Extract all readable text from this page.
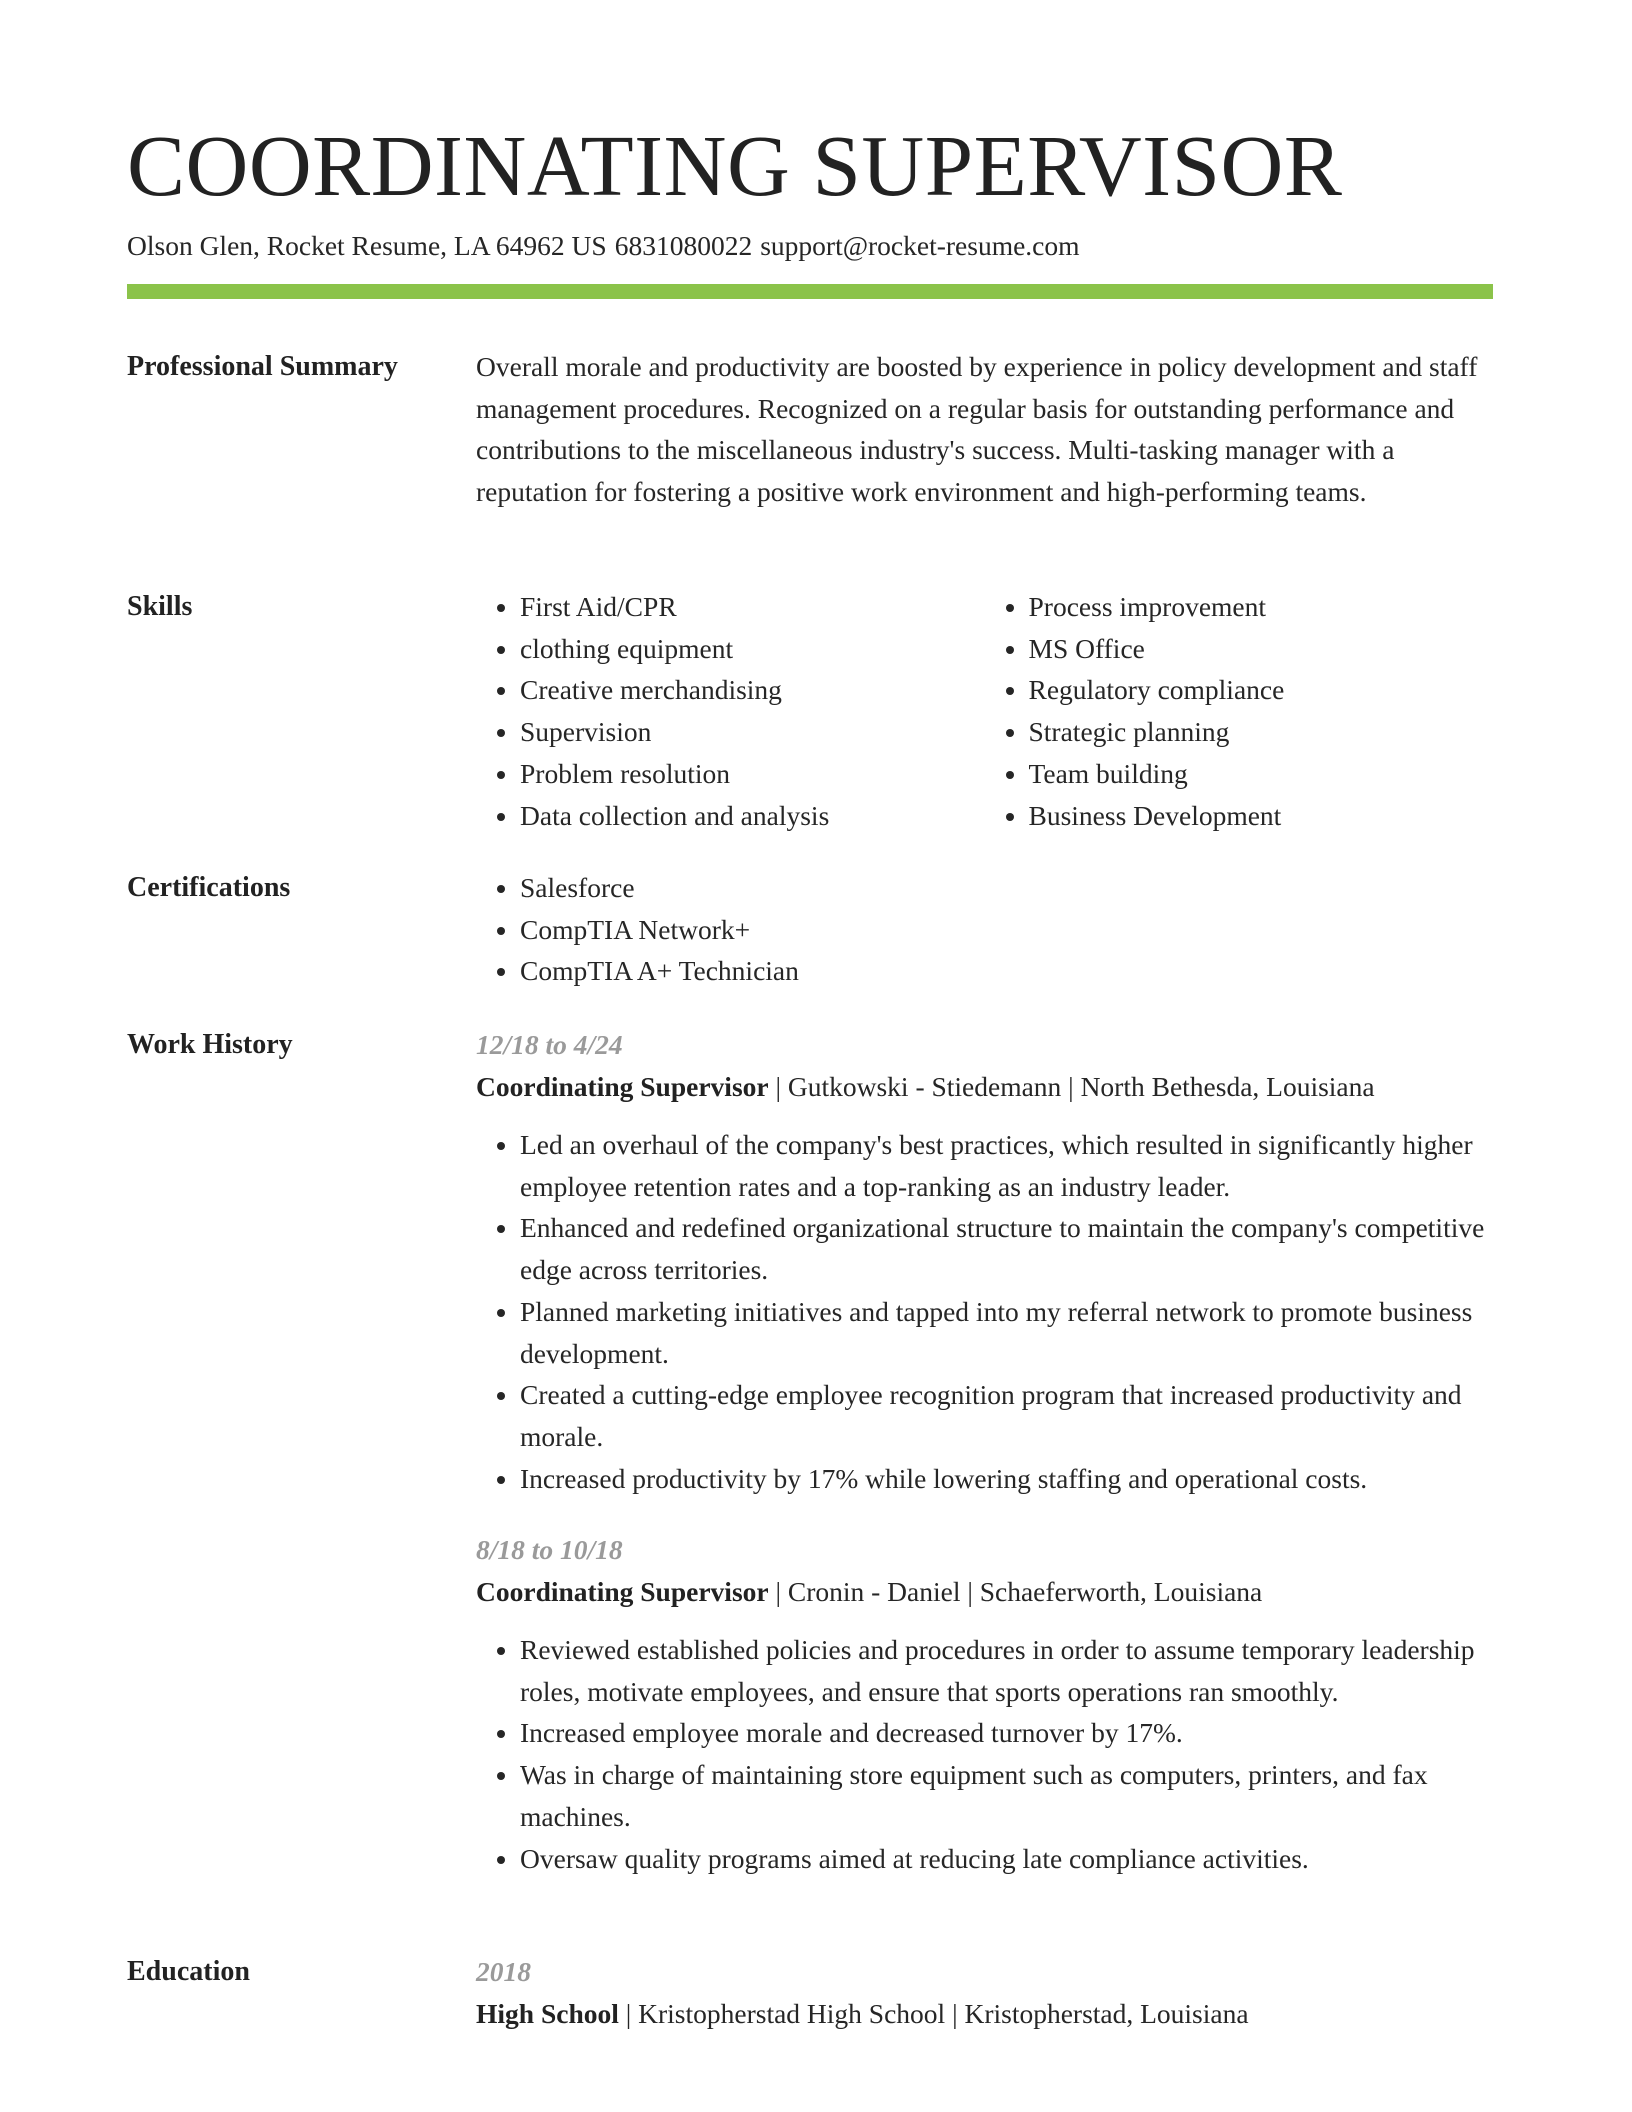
COORDINATING SUPERVISOR
Olson Glen, Rocket Resume, LA 64962 US 6831080022 support@rocket-resume.com
Professional Summary	Overall morale and productivity are boosted by experience in policy development and staff management procedures. Recognized on a regular basis for outstanding performance and contributions to the miscellaneous industry's success. Multi-tasking manager with a reputation for fostering a positive work environment and high-performing teams.

Skills	• First Aid/CPR
• clothing equipment
• Creative merchandising
• Supervision
• Problem resolution
• Data collection and analysis
• Process improvement
• MS Office
• Regulatory compliance
• Strategic planning
• Team building
• Business Development
Certifications	• Salesforce
• CompTIA Network+
• CompTIA A+ Technician
Work History	12/18 to 4/24
Coordinating Supervisor | Gutkowski - Stiedemann | North Bethesda, Louisiana
• Led an overhaul of the company's best practices, which resulted in significantly higher employee retention rates and a top-ranking as an industry leader.
• Enhanced and redefined organizational structure to maintain the company's competitive edge across territories.
• Planned marketing initiatives and tapped into my referral network to promote business development.
• Created a cutting-edge employee recognition program that increased productivity and morale.
• Increased productivity by 17% while lowering staffing and operational costs.
8/18 to 10/18
Coordinating Supervisor | Cronin - Daniel | Schaeferworth, Louisiana
• Reviewed established policies and procedures in order to assume temporary leadership roles, motivate employees, and ensure that sports operations ran smoothly.
• Increased employee morale and decreased turnover by 17%.
• Was in charge of maintaining store equipment such as computers, printers, and fax machines.
• Oversaw quality programs aimed at reducing late compliance activities.
Education	2018
High School | Kristopherstad High School | Kristopherstad, Louisiana
